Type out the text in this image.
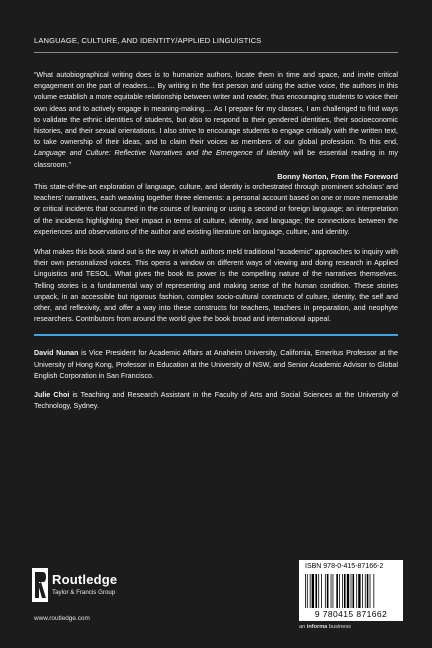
LANGUAGE, CULTURE, AND IDENTITY/APPLIED LINGUISTICS

“What autobiographical writing does is to humanize authors, locate them in time and space, and invite critical engagement on the part of readers.... By writing in the first person and using the active voice, the authors in this volume establish a more equitable relationship between writer and reader, thus encouraging students to voice their own ideas and to actively engage in meaning-making.... As I prepare for my classes, I am challenged to find ways to validate the ethnic identities of students, but also to respond to their gendered identities, their socioeconomic histories, and their sexual orientations. I also strive to encourage students to engage critically with the written text, to take ownership of their ideas, and to claim their voices as members of our global profession. To this end, Language and Culture: Reflective Narratives and the Emergence of Identity will be essential reading in my classroom.”

Bonny Norton, From the Foreword

This state-of-the-art exploration of language, culture, and identity is orchestrated through prominent scholars’ and teachers’ narratives, each weaving together three elements: a personal account based on one or more memorable or critical incidents that occurred in the course of learning or using a second or foreign language; an interpretation of the incidents highlighting their impact in terms of culture, identity, and language; the connections between the experiences and observations of the author and existing literature on language, culture, and identity.

What makes this book stand out is the way in which authors meld traditional “academic” approaches to inquiry with their own personalized voices. This opens a window on different ways of viewing and doing research in Applied Linguistics and TESOL. What gives the book its power is the compelling nature of the narratives themselves. Telling stories is a fundamental way of representing and making sense of the human condition. These stories unpack, in an accessible but rigorous fashion, complex socio-cultural constructs of culture, identity, the self and other, and reflexivity, and offer a way into these constructs for teachers, teachers in preparation, and neophyte researchers. Contributors from around the world give the book broad and international appeal.

David Nunan is Vice President for Academic Affairs at Anaheim University, California, Emeritus Professor at the University of Hong Kong, Professor in Education at the University of NSW, and Senior Academic Advisor to Global English Corporation in San Francisco.

Julie Choi is Teaching and Research Assistant in the Faculty of Arts and Social Sciences at the University of Technology, Sydney.

Routledge
Taylor & Francis Group
www.routledge.com
ISBN 978-0-415-87166-2
9 780415 871662
an informa business
